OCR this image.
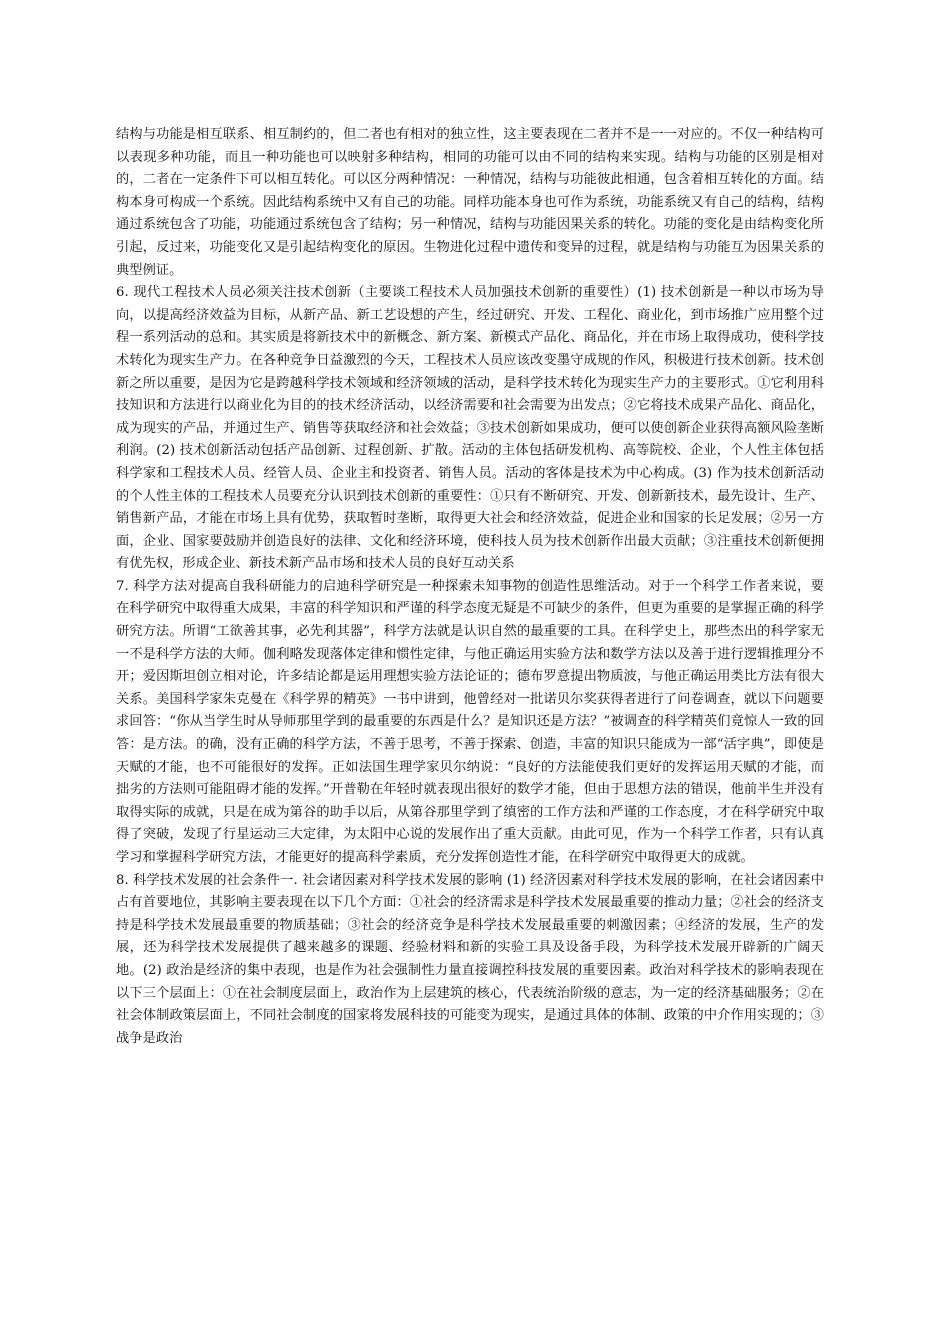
结构与功能是相互联系、相互制约的，但二者也有相对的独立性，这主要表现在二者并不是一一对应的。不仅一种结构可以表现多种功能，而且一种功能也可以映射多种结构，相同的功能可以由不同的结构来实现。结构与功能的区别是相对的，二者在一定条件下可以相互转化。可以区分两种情况：一种情况，结构与功能彼此相通，包含着相互转化的方面。结构本身可构成一个系统。因此结构系统中又有自己的功能。同样功能本身也可作为系统，功能系统又有自己的结构，结构通过系统包含了功能，功能通过系统包含了结构；另一种情况，结构与功能因果关系的转化。功能的变化是由结构变化所引起，反过来，功能变化又是引起结构变化的原因。生物进化过程中遗传和变异的过程，就是结构与功能互为因果关系的典型例证。

6. 现代工程技术人员必须关注技术创新（主要谈工程技术人员加强技术创新的重要性）(1) 技术创新是一种以市场为导向，以提高经济效益为目标，从新产品、新工艺设想的产生，经过研究、开发、工程化、商业化，到市场推广应用整个过程一系列活动的总和。其实质是将新技术中的新概念、新方案、新模式产品化、商品化，并在市场上取得成功，使科学技术转化为现实生产力。在各种竞争日益激烈的今天，工程技术人员应该改变墨守成规的作风，积极进行技术创新。技术创新之所以重要，是因为它是跨越科学技术领域和经济领域的活动，是科学技术转化为现实生产力的主要形式。①它利用科技知识和方法进行以商业化为目的的技术经济活动，以经济需要和社会需要为出发点；②它将技术成果产品化、商品化，成为现实的产品，并通过生产、销售等获取经济和社会效益；③技术创新如果成功，便可以使创新企业获得高额风险垄断利润。(2) 技术创新活动包括产品创新、过程创新、扩散。活动的主体包括研发机构、高等院校、企业，个人性主体包括科学家和工程技术人员、经管人员、企业主和投资者、销售人员。活动的客体是技术为中心构成。(3) 作为技术创新活动的个人性主体的工程技术人员要充分认识到技术创新的重要性：①只有不断研究、开发、创新新技术，最先设计、生产、销售新产品，才能在市场上具有优势，获取暂时垄断，取得更大社会和经济效益，促进企业和国家的长足发展；②另一方面，企业、国家要鼓励并创造良好的法律、文化和经济环境，使科技人员为技术创新作出最大贡献；③注重技术创新便拥有优先权，形成企业、新技术新产品市场和技术人员的良好互动关系

7. 科学方法对提高自我科研能力的启迪科学研究是一种探索未知事物的创造性思维活动。对于一个科学工作者来说，要在科学研究中取得重大成果，丰富的科学知识和严谨的科学态度无疑是不可缺少的条件，但更为重要的是掌握正确的科学研究方法。所谓“工欲善其事，必先利其器”，科学方法就是认识自然的最重要的工具。在科学史上，那些杰出的科学家无一不是科学方法的大师。伽利略发现落体定律和惯性定律，与他正确运用实验方法和数学方法以及善于进行逻辑推理分不开；爱因斯坦创立相对论，许多结论都是运用理想实验方法论证的；德布罗意提出物质波，与他正确运用类比方法有很大关系。美国科学家朱克曼在《科学界的精英》一书中讲到，他曾经对一批诺贝尔奖获得者进行了问卷调查，就以下问题要求回答：“你从当学生时从导师那里学到的最重要的东西是什么？是知识还是方法？”被调查的科学精英们竟惊人一致的回答：是方法。的确，没有正确的科学方法，不善于思考，不善于探索、创造，丰富的知识只能成为一部“活字典”，即使是天赋的才能，也不可能很好的发挥。正如法国生理学家贝尔纳说：“良好的方法能使我们更好的发挥运用天赋的才能，而拙劣的方法则可能阻碍才能的发挥。”开普勒在年轻时就表现出很好的数学才能，但由于思想方法的错误，他前半生并没有取得实际的成就，只是在成为第谷的助手以后，从第谷那里学到了缜密的工作方法和严谨的工作态度，才在科学研究中取得了突破，发现了行星运动三大定律，为太阳中心说的发展作出了重大贡献。由此可见，作为一个科学工作者，只有认真学习和掌握科学研究方法，才能更好的提高科学素质，充分发挥创造性才能，在科学研究中取得更大的成就。

8. 科学技术发展的社会条件一. 社会诸因素对科学技术发展的影响 (1) 经济因素对科学技术发展的影响，在社会诸因素中占有首要地位，其影响主要表现在以下几个方面：①社会的经济需求是科学技术发展最重要的推动力量；②社会的经济支持是科学技术发展最重要的物质基础；③社会的经济竞争是科学技术发展最重要的刺激因素；④经济的发展，生产的发展，还为科学技术发展提供了越来越多的课题、经验材料和新的实验工具及设备手段，为科学技术发展开辟新的广阔天地。(2) 政治是经济的集中表现，也是作为社会强制性力量直接调控科技发展的重要因素。政治对科学技术的影响表现在以下三个层面上：①在社会制度层面上，政治作为上层建筑的核心，代表统治阶级的意志，为一定的经济基础服务；②在社会体制政策层面上，不同社会制度的国家将发展科技的可能变为现实，是通过具体的体制、政策的中介作用实现的；③战争是政治
